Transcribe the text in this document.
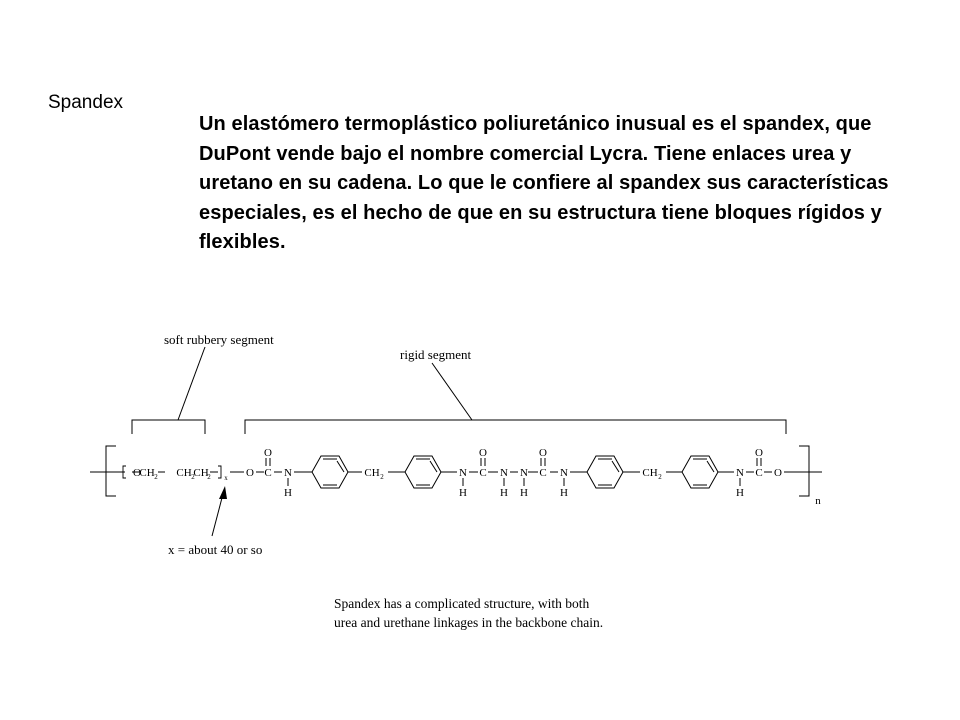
Spandex
Un elastómero termoplástico poliuretánico inusual es el spandex, que DuPont vende bajo el nombre comercial Lycra. Tiene enlaces urea y uretano en su cadena. Lo que le confiere al spandex sus características especiales, es el hecho de que en su estructura tiene bloques rígidos y flexibles.
soft rubbery segment
rigid segment
x = about 40 or so
Spandex has a complicated structure, with both
urea and urethane linkages in the backbone chain.
O
CH 2 CH 2
CH
2 x O C
O
N
H
CH 2	N
H
C
O
N
H
N
H
C
O
N
H
CH 2	N
H
C
O
O
n
